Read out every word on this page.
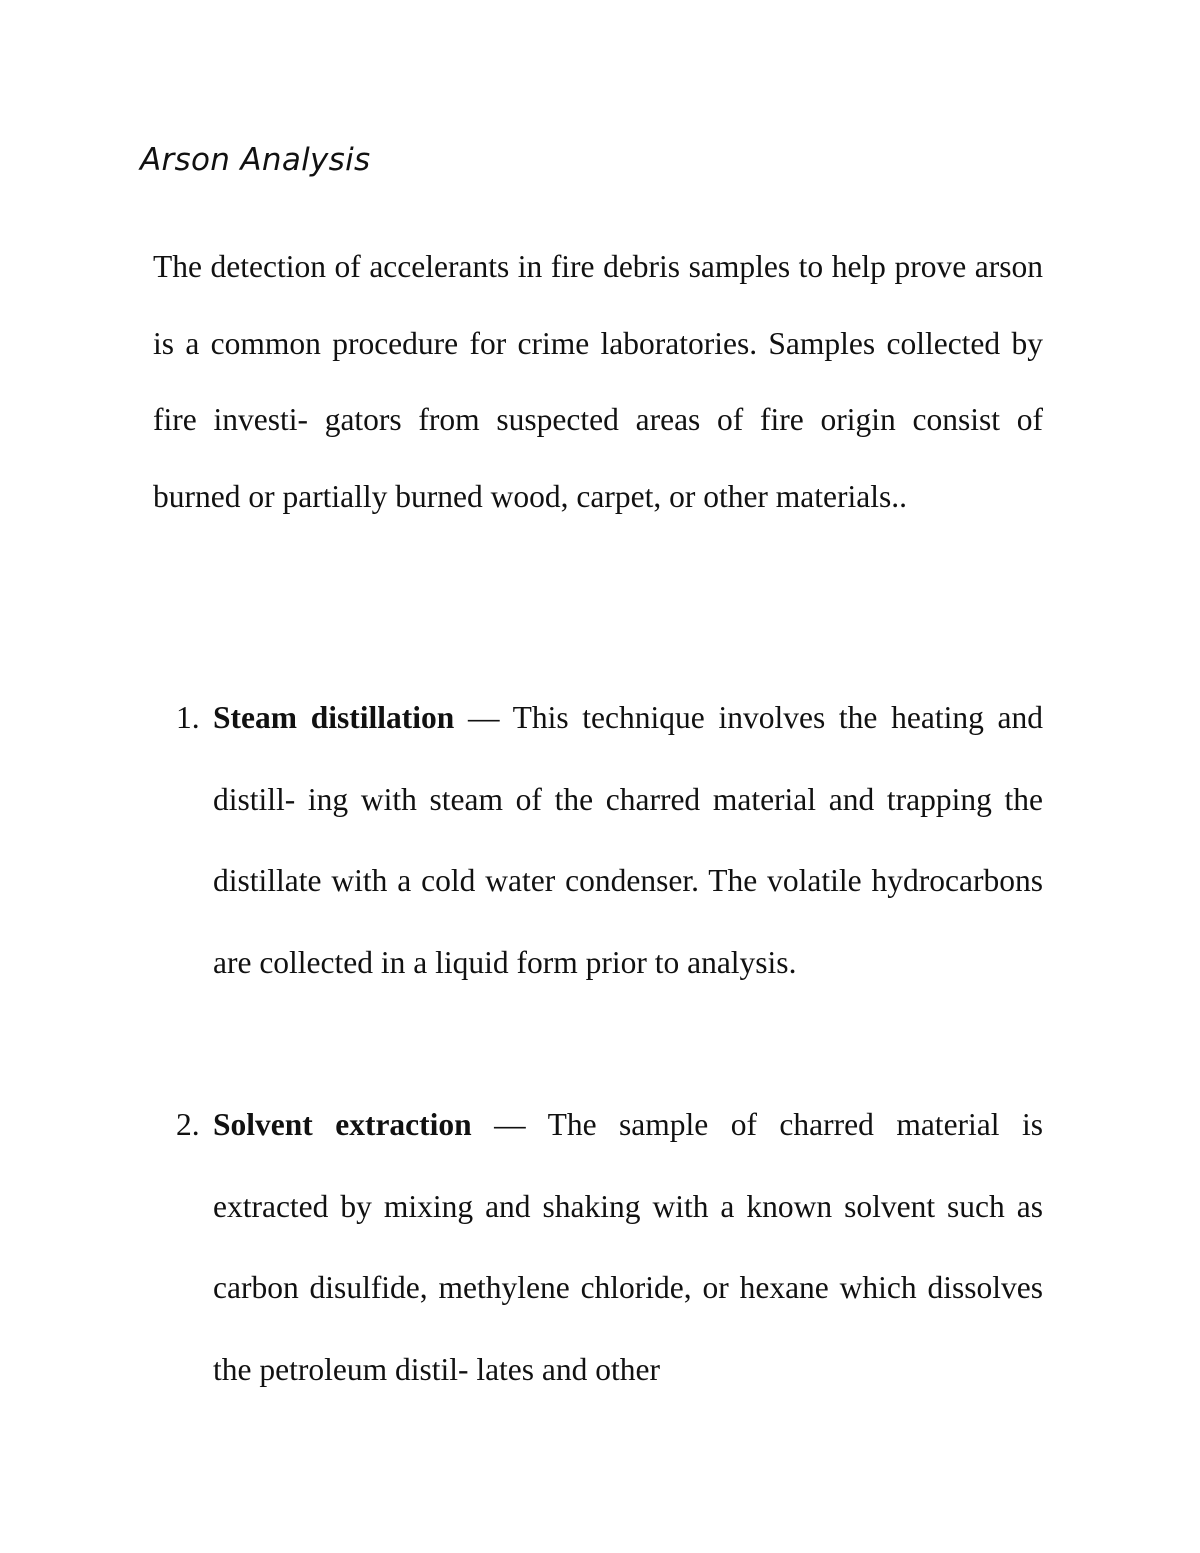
Arson Analysis

The detection of accelerants in fire debris samples to help prove arson is a common procedure for crime laboratories. Samples collected by fire investi- gators from suspected areas of fire origin consist of burned or partially burned wood, carpet, or other materials..

1. Steam distillation — This technique involves the heating and distill- ing with steam of the charred material and trapping the distillate with a cold water condenser. The volatile hydrocarbons are collected in a liquid form prior to analysis.
2. Solvent extraction — The sample of charred material is extracted by mixing and shaking with a known solvent such as carbon disulfide, methylene chloride, or hexane which dissolves the petroleum distil- lates and other
